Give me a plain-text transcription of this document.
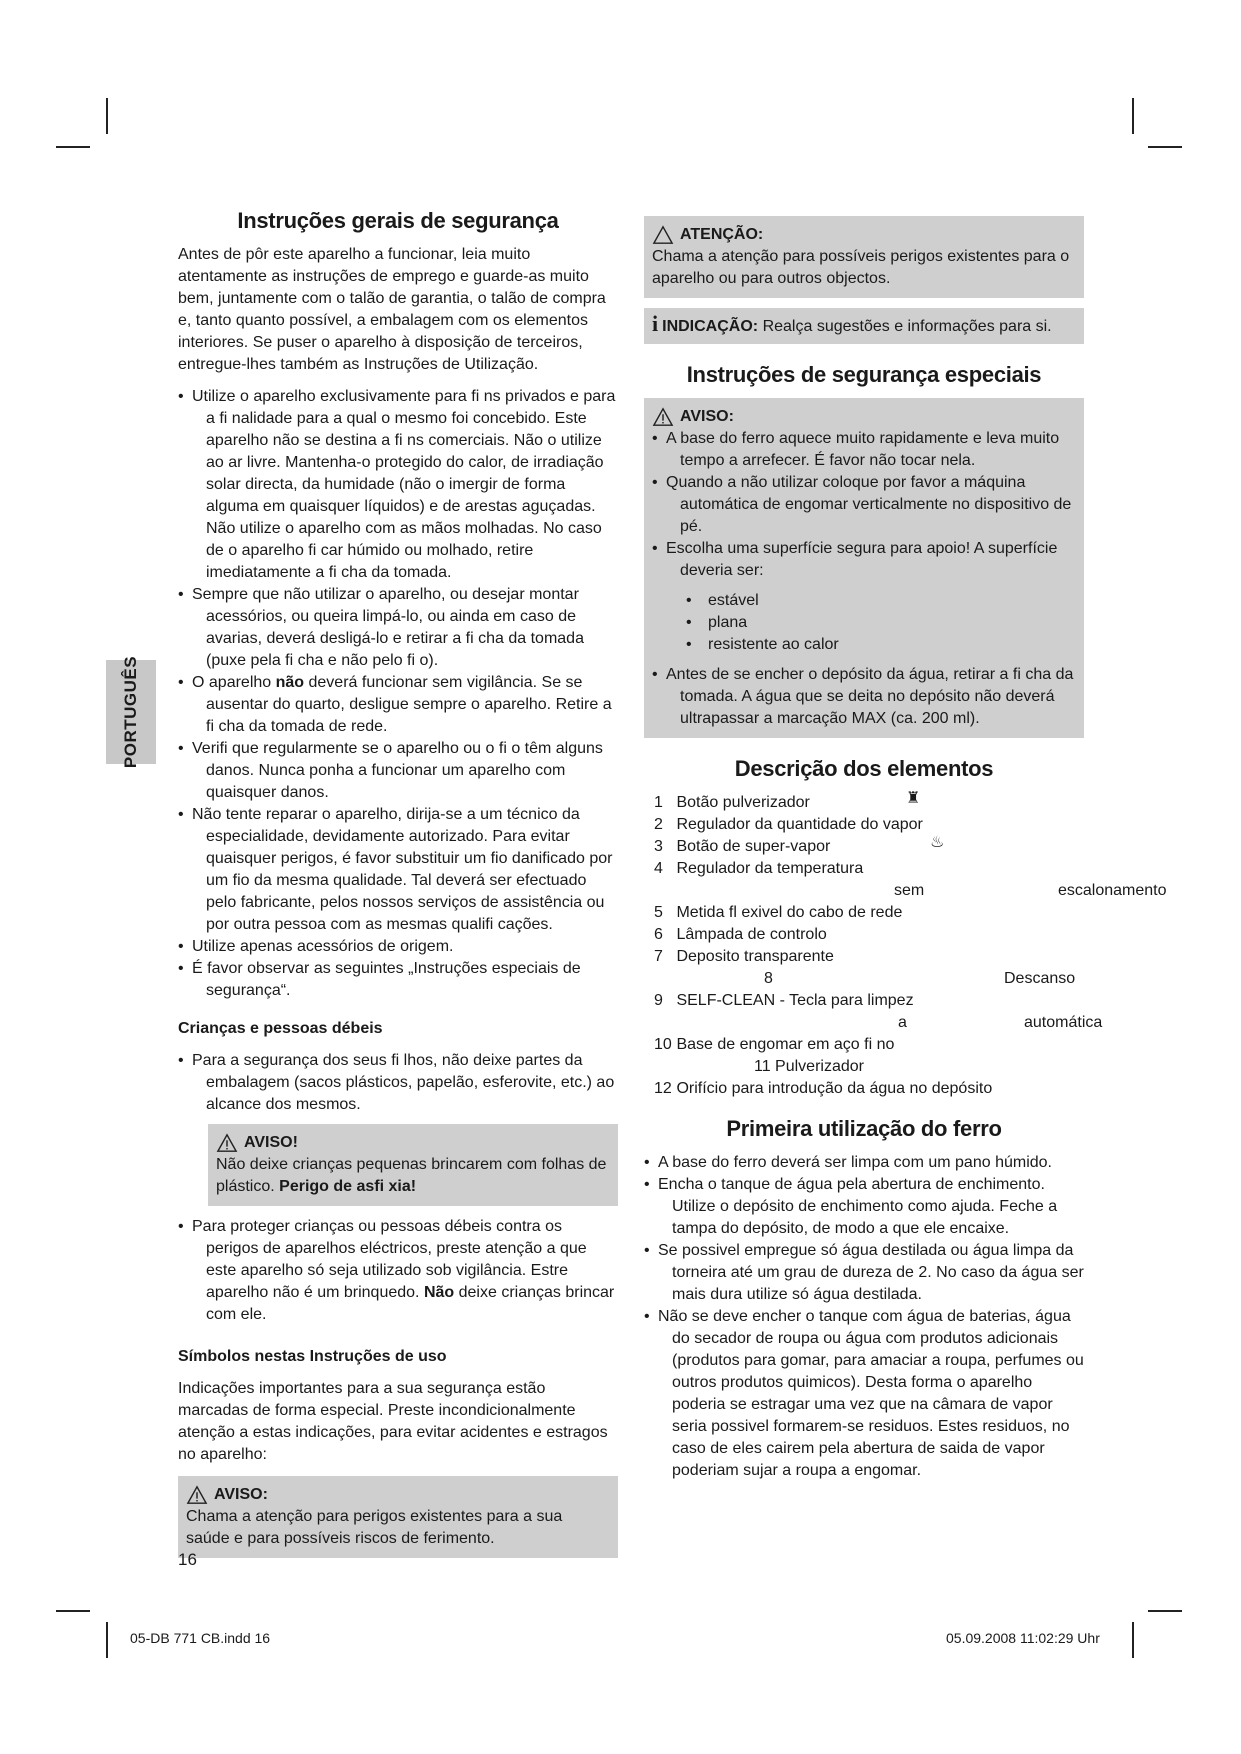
PORTUGUÊS
Instruções gerais de segurança

Antes de pôr este aparelho a funcionar, leia muito atentamente as instruções de emprego e guarde-as muito bem, juntamente com o talão de garantia, o talão de compra e, tanto quanto possível, a embalagem com os elementos interiores. Se puser o aparelho à disposição de terceiros, entregue-lhes também as Instruções de Utilização.

• Utilize o aparelho exclusivamente para fi ns privados e para a fi nalidade para a qual o mesmo foi concebido. Este aparelho não se destina a fi ns comerciais. Não o utilize ao ar livre. Mantenha-o protegido do calor, de irradiação solar directa, da humidade (não o imergir de forma alguma em quaisquer líquidos) e de arestas aguçadas. Não utilize o aparelho com as mãos molhadas. No caso de o aparelho fi car húmido ou molhado, retire imediatamente a fi cha da tomada.
• Sempre que não utilizar o aparelho, ou desejar montar acessórios, ou queira limpá-lo, ou ainda em caso de avarias, deverá desligá-lo e retirar a fi cha da tomada (puxe pela fi cha e não pelo fi o).
• O aparelho não deverá funcionar sem vigilância. Se se ausentar do quarto, desligue sempre o aparelho. Retire a fi cha da tomada de rede.
• Verifi que regularmente se o aparelho ou o fi o têm alguns danos. Nunca ponha a funcionar um aparelho com quaisquer danos.
• Não tente reparar o aparelho, dirija-se a um técnico da especialidade, devidamente autorizado. Para evitar quaisquer perigos, é favor substituir um fio danificado por um fio da mesma qualidade. Tal deverá ser efectuado pelo fabricante, pelos nossos serviços de assistência ou por outra pessoa com as mesmas qualifi cações.
• Utilize apenas acessórios de origem.
• É favor observar as seguintes „Instruções especiais de segurança“.
Crianças e pessoas débeis
• Para a segurança dos seus fi lhos, não deixe partes da embalagem (sacos plásticos, papelão, esferovite, etc.) ao alcance dos mesmos.
AVISO!
Não deixe crianças pequenas brincarem com folhas de plástico. Perigo de asfi xia!
• Para proteger crianças ou pessoas débeis contra os perigos de aparelhos eléctricos, preste atenção a que este aparelho só seja utilizado sob vigilância. Estre aparelho não é um brinquedo. Não deixe crianças brincar com ele.
Símbolos nestas Instruções de uso

Indicações importantes para a sua segurança estão marcadas de forma especial. Preste incondicionalmente atenção a estas indicações, para evitar acidentes e estragos no aparelho:

AVISO:
Chama a atenção para perigos existentes para a sua saúde e para possíveis riscos de ferimento.
ATENÇÃO:
Chama a atenção para possíveis perigos existentes para o aparelho ou para outros objectos.
i INDICAÇÃO: Realça sugestões e informações para si.
Instruções de segurança especiais
AVISO:
• A base do ferro aquece muito rapidamente e leva muito tempo a arrefecer. É favor não tocar nela.
• Quando a não utilizar coloque por favor a máquina automática de engomar verticalmente no dispositivo de pé.
• Escolha uma superfície segura para apoio! A superfície deveria ser:
• estável
• plana
• resistente ao calor
• Antes de se encher o depósito da água, retirar a fi cha da tomada. A água que se deita no depósito não deverá ultrapassar a marcação MAX (ca. 200 ml).
Descrição dos elementos
1 Botão pulverizador	♜
2 Regulador da quantidade do vapor
3 Botão de super-vapor	♨
4 Regulador da temperatura
sem	escalonamento
5 Metida fl exivel do cabo de rede
6 Lâmpada de controlo
7 Deposito transparente
8	Descanso
9 SELF-CLEAN - Tecla para limpez
a	automática
10 Base de engomar em aço fi no
11 Pulverizador
12 Orifício para introdução da água no depósito
Primeira utilização do ferro
• A base do ferro deverá ser limpa com um pano húmido.
• Encha o tanque de água pela abertura de enchimento. Utilize o depósito de enchimento como ajuda. Feche a tampa do depósito, de modo a que ele encaixe.
• Se possivel empregue só água destilada ou água limpa da torneira até um grau de dureza de 2. No caso da água ser mais dura utilize só água destilada.
• Não se deve encher o tanque com água de baterias, água do secador de roupa ou água com produtos adicionais (produtos para gomar, para amaciar a roupa, perfumes ou outros produtos quimicos). Desta forma o aparelho poderia se estragar uma vez que na câmara de vapor seria possivel formarem-se residuos. Estes residuos, no caso de eles cairem pela abertura de saida de vapor poderiam sujar a roupa a engomar.
16
05-DB 771 CB.indd 16	05.09.2008 11:02:29 Uhr
